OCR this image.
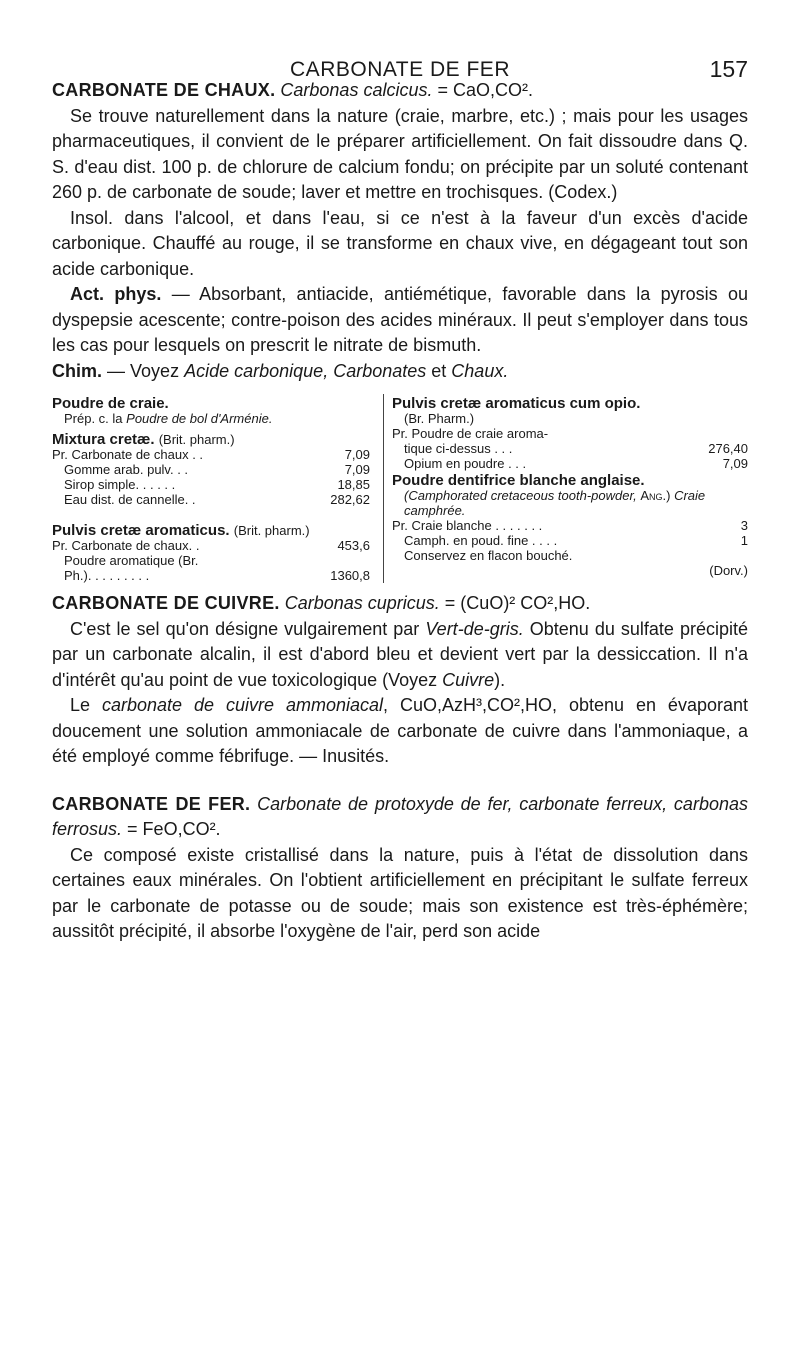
CARBONATE DE FER	157

CARBONATE DE CHAUX. Carbonas calcicus. = CaO,CO².

Se trouve naturellement dans la nature (craie, marbre, etc.) ; mais pour les usages pharmaceutiques, il convient de le préparer artificiellement. On fait dissoudre dans Q. S. d'eau dist. 100 p. de chlorure de calcium fondu; on précipite par un soluté contenant 260 p. de carbonate de soude; laver et mettre en trochisques. (Codex.)

Insol. dans l'alcool, et dans l'eau, si ce n'est à la faveur d'un excès d'acide carbonique. Chauffé au rouge, il se transforme en chaux vive, en dégageant tout son acide carbonique.

Act. phys. — Absorbant, antiacide, antiémétique, favorable dans la pyrosis ou dyspepsie acescente; contre-poison des acides minéraux. Il peut s'employer dans tous les cas pour lesquels on prescrit le nitrate de bismuth.

Chim. — Voyez Acide carbonique, Carbonates et Chaux.

Poudre de craie.
Prép. c. la Poudre de bol d'Arménie.
Mixtura cretæ. (Brit. pharm.)
Pr. Carbonate de chaux . .	7,09
Gomme arab. pulv. . .	7,09
Sirop simple. . . . . .	18,85
Eau dist. de cannelle. .	282,62
Pulvis cretæ aromaticus. (Brit. pharm.)
Pr. Carbonate de chaux. .	453,6
Poudre aromatique (Br.
Ph.). . . . . . . . .	1360,8
Pulvis cretæ aromaticus cum opio.
(Br. Pharm.)
Pr. Poudre de craie aroma-
tique ci-dessus . . .	276,40
Opium en poudre . . .	7,09
Poudre dentifrice blanche anglaise.
(Camphorated cretaceous tooth-powder, Ang.) Craie camphrée.
Pr. Craie blanche . . . . . . .	3
Camph. en poud. fine . . . .	1
Conservez en flacon bouché.
(Dorv.)

CARBONATE DE CUIVRE. Carbonas cupricus. = (CuO)² CO²,HO.

C'est le sel qu'on désigne vulgairement par Vert-de-gris. Obtenu du sulfate précipité par un carbonate alcalin, il est d'abord bleu et devient vert par la dessiccation. Il n'a d'intérêt qu'au point de vue toxicologique (Voyez Cuivre).

Le carbonate de cuivre ammoniacal, CuO,AzH³,CO²,HO, obtenu en évaporant doucement une solution ammoniacale de carbonate de cuivre dans l'ammoniaque, a été employé comme fébrifuge. — Inusités.

CARBONATE DE FER. Carbonate de protoxyde de fer, carbonate ferreux, carbonas ferrosus. = FeO,CO².

Ce composé existe cristallisé dans la nature, puis à l'état de dissolution dans certaines eaux minérales. On l'obtient artificiellement en précipitant le sulfate ferreux par le carbonate de potasse ou de soude; mais son existence est très-éphémère; aussitôt précipité, il absorbe l'oxygène de l'air, perd son acide
